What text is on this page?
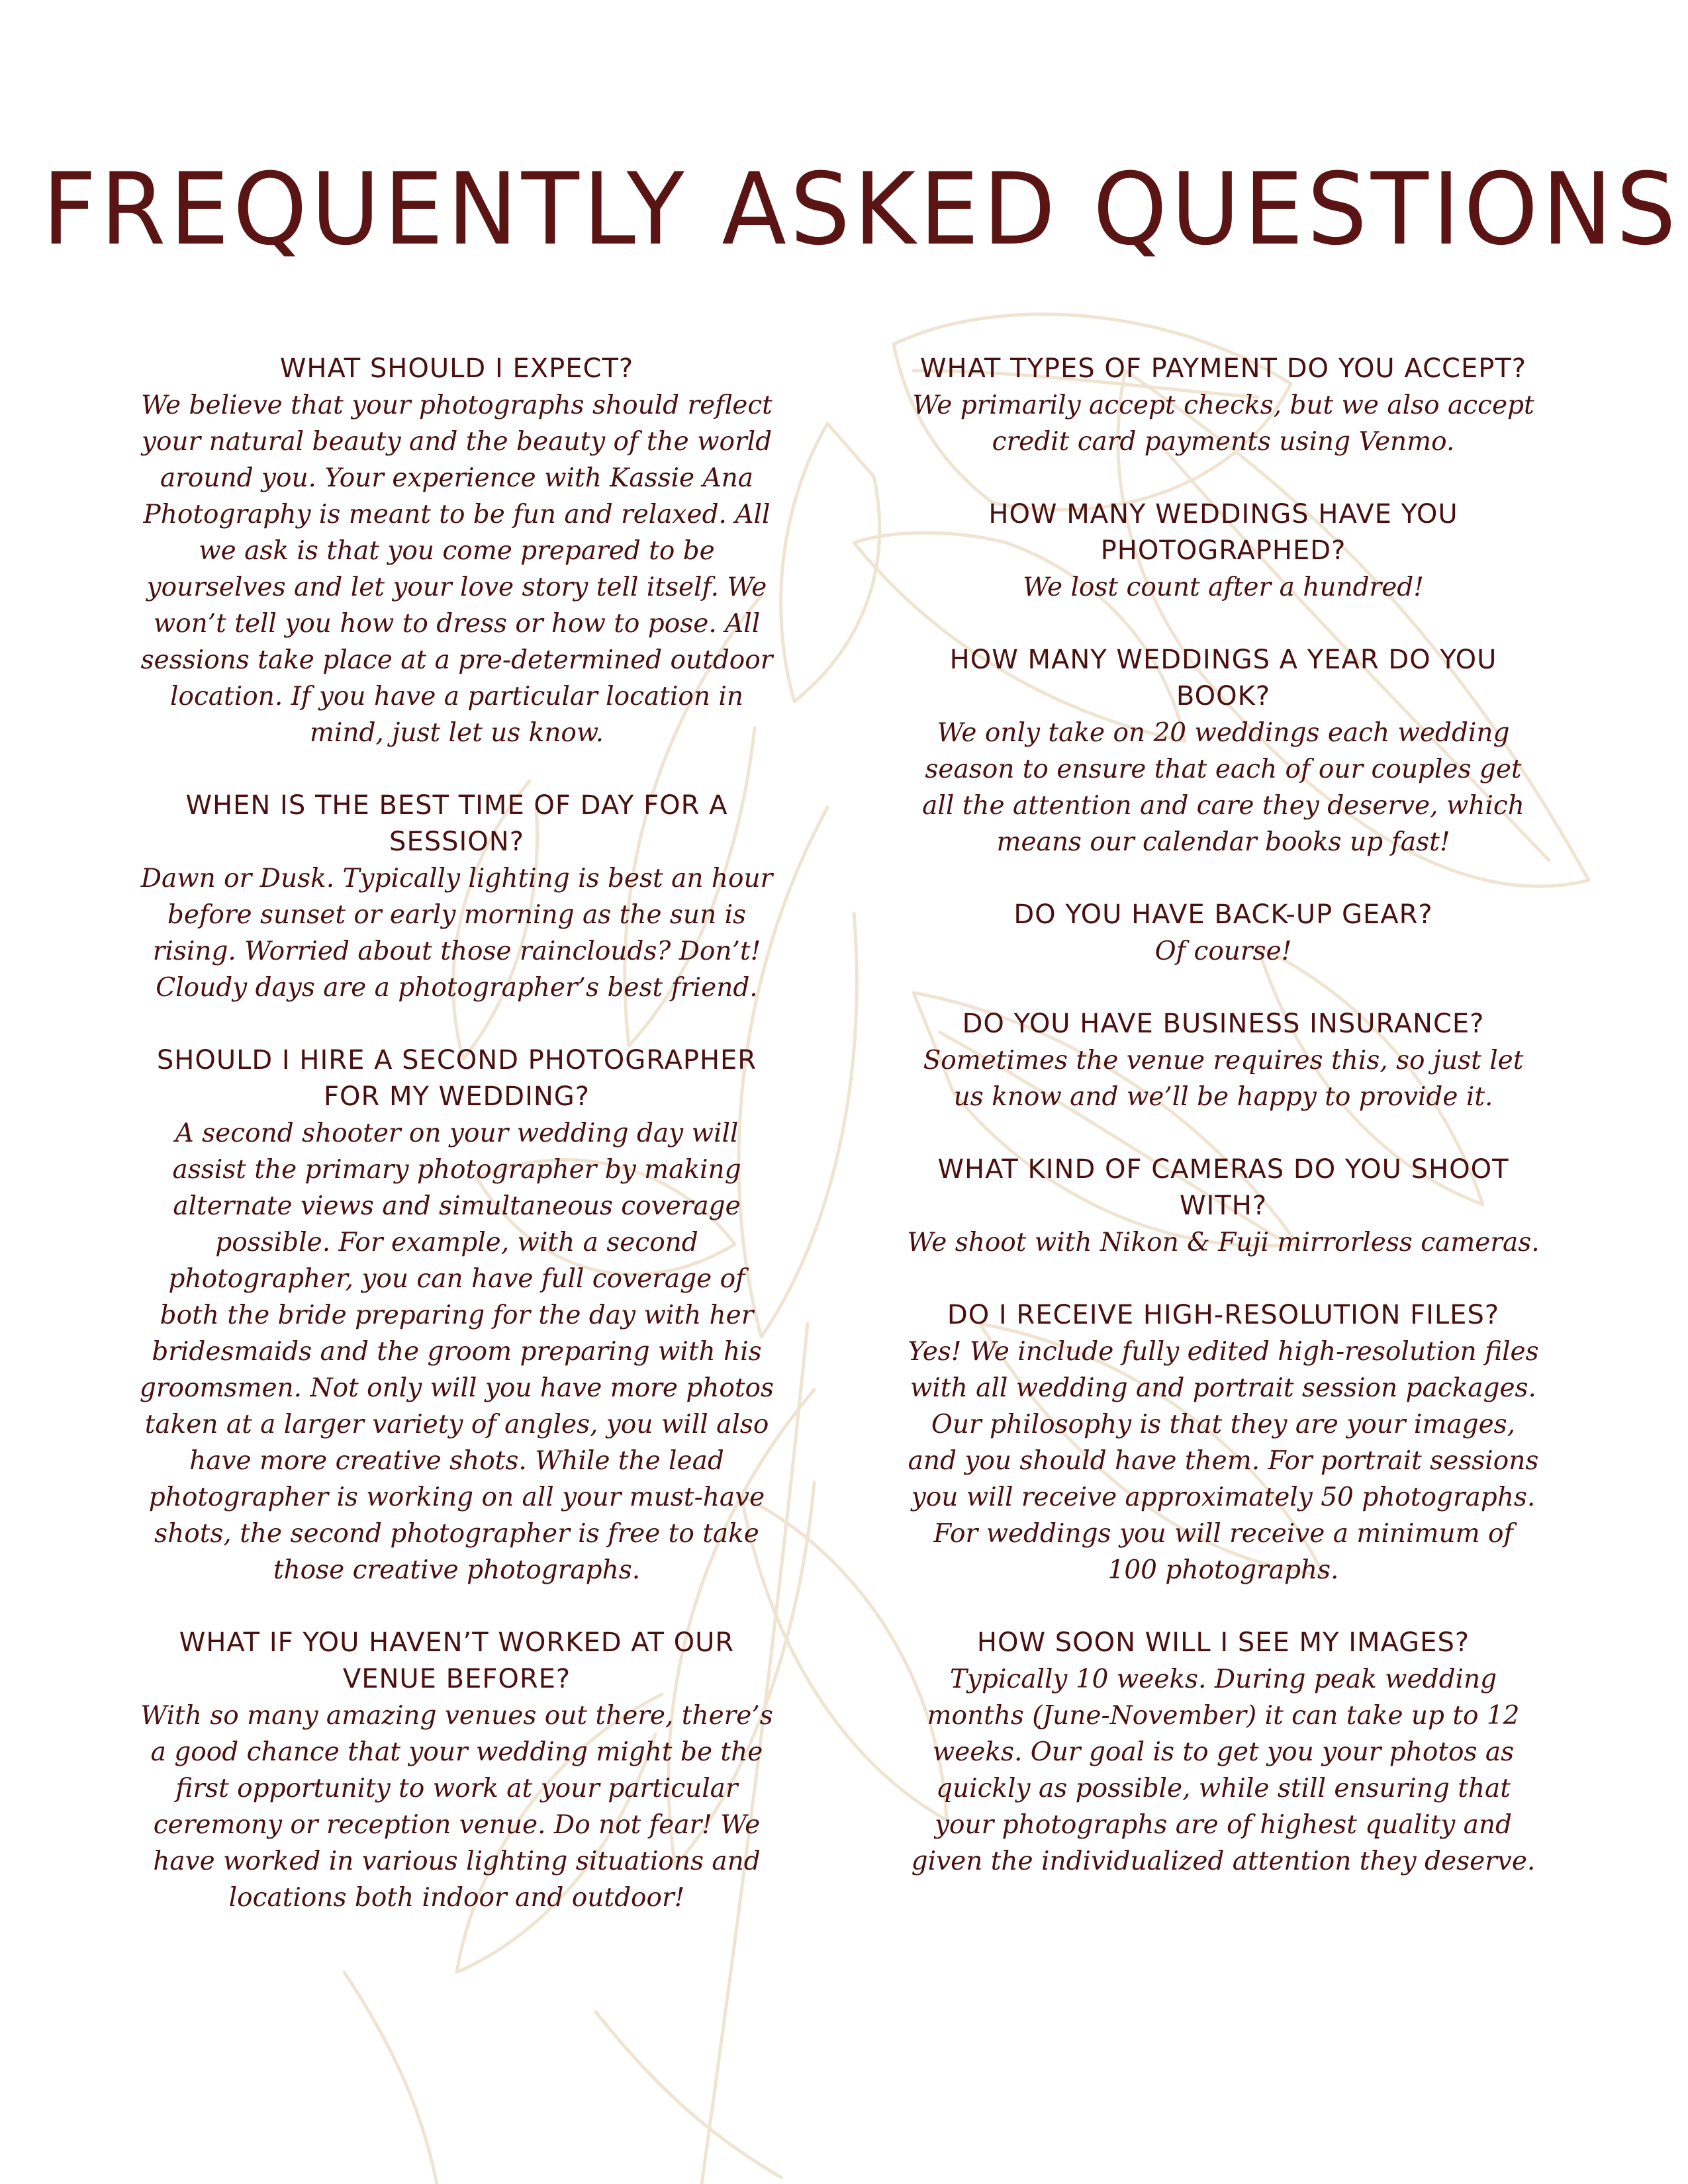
FREQUENTLY ASKED QUESTIONS

WHAT SHOULD I EXPECT?

We believe that your photographs should reflect your natural beauty and the beauty of the world around you. Your experience with Kassie Ana Photography is meant to be fun and relaxed. All we ask is that you come prepared to be yourselves and let your love story tell itself. We won’t tell you how to dress or how to pose. All sessions take place at a pre-determined outdoor location. If you have a particular location in mind, just let us know.

WHEN IS THE BEST TIME OF DAY FOR A SESSION?

Dawn or Dusk. Typically lighting is best an hour before sunset or early morning as the sun is rising. Worried about those rainclouds? Don’t! Cloudy days are a photographer’s best friend.

SHOULD I HIRE A SECOND PHOTOGRAPHER FOR MY WEDDING?

A second shooter on your wedding day will assist the primary photographer by making alternate views and simultaneous coverage possible. For example, with a second photographer, you can have full coverage of both the bride preparing for the day with her bridesmaids and the groom preparing with his groomsmen. Not only will you have more photos taken at a larger variety of angles, you will also have more creative shots. While the lead photographer is working on all your must-have shots, the second photographer is free to take those creative photographs.

WHAT IF YOU HAVEN’T WORKED AT OUR VENUE BEFORE?

With so many amazing venues out there, there’s a good chance that your wedding might be the first opportunity to work at your particular ceremony or reception venue. Do not fear! We have worked in various lighting situations and locations both indoor and outdoor!

WHAT TYPES OF PAYMENT DO YOU ACCEPT?

We primarily accept checks, but we also accept credit card payments using Venmo.

HOW MANY WEDDINGS HAVE YOU PHOTOGRAPHED?

We lost count after a hundred!

HOW MANY WEDDINGS A YEAR DO YOU BOOK?

We only take on 20 weddings each wedding season to ensure that each of our couples get all the attention and care they deserve, which means our calendar books up fast!

DO YOU HAVE BACK-UP GEAR?

Of course!

DO YOU HAVE BUSINESS INSURANCE?

Sometimes the venue requires this, so just let us know and we’ll be happy to provide it.

WHAT KIND OF CAMERAS DO YOU SHOOT WITH?

We shoot with Nikon & Fuji mirrorless cameras.

DO I RECEIVE HIGH-RESOLUTION FILES?

Yes! We include fully edited high-resolution files with all wedding and portrait session packages. Our philosophy is that they are your images, and you should have them. For portrait sessions you will receive approximately 50 photographs. For weddings you will receive a minimum of 100 photographs.

HOW SOON WILL I SEE MY IMAGES?

Typically 10 weeks. During peak wedding months (June-November) it can take up to 12 weeks. Our goal is to get you your photos as quickly as possible, while still ensuring that your photographs are of highest quality and given the individualized attention they deserve.
